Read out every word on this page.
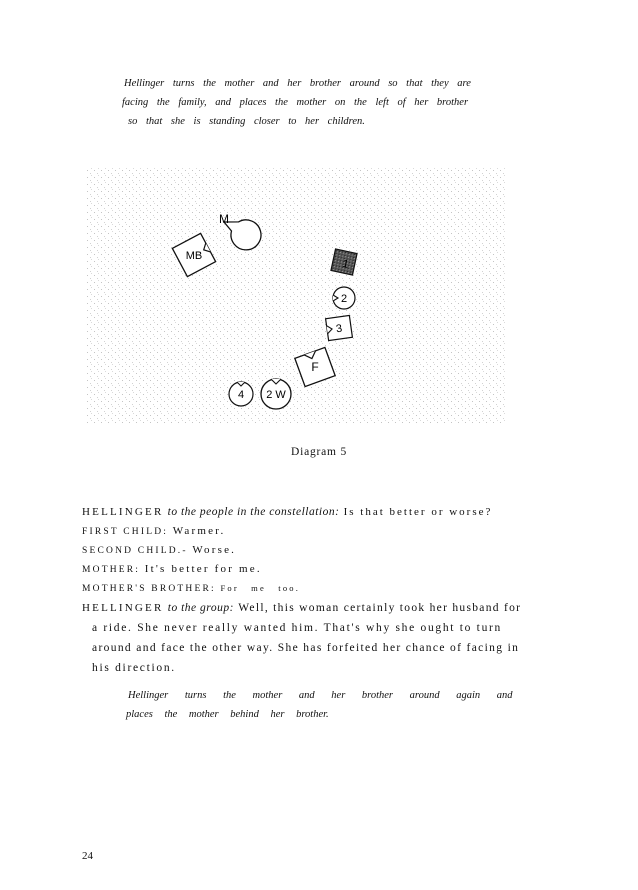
Hellinger turns the mother and her brother around so that they are

facing the family, and places the mother on the left of her brother

so that she is standing closer to her children.

M
MB
1
2
3
F
2 W
4
Diagram 5

HELLINGER to the people in the constellation: Is that better or worse?

FIRST CHILD: Warmer.

SECOND CHILD.- Worse.

MOTHER: It's better for me.

MOTHER'S BROTHER: For me too.

HELLINGER to the group: Well, this woman certainly took her husband for

a ride. She never really wanted him. That's why she ought to turn

around and face the other way. She has forfeited her chance of facing in

his direction.

Hellinger turns the mother and her brother around again and

places the mother behind her brother.

24
